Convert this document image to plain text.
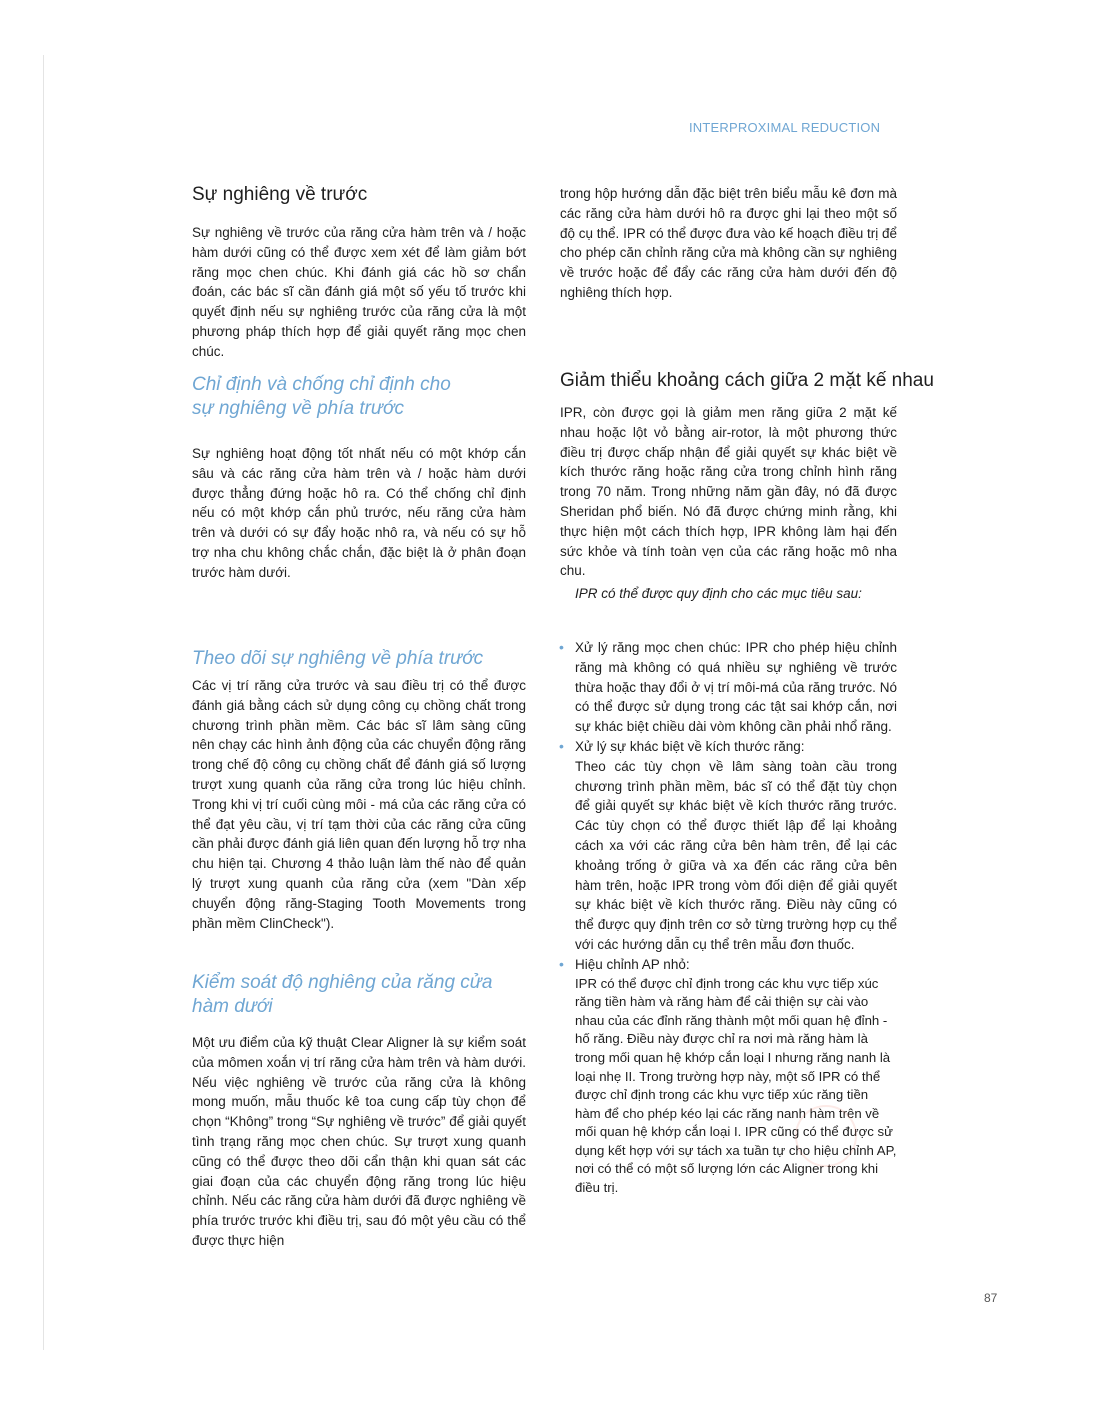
INTERPROXIMAL REDUCTION
Sự nghiêng về trước

Sự nghiêng về trước của răng cửa hàm trên và / hoặc hàm dưới cũng có thể được xem xét để làm giảm bớt răng mọc chen chúc. Khi đánh giá các hồ sơ chẩn đoán, các bác sĩ cần đánh giá một số yếu tố trước khi quyết định nếu sự nghiêng trước của răng cửa là một phương pháp thích hợp để giải quyết răng mọc chen chúc.

Chỉ định và chống chỉ định cho
sự nghiêng về phía trước

Sự nghiêng hoạt động tốt nhất nếu có một khớp cắn sâu và các răng cửa hàm trên và / hoặc hàm dưới được thẳng đứng hoặc hô ra. Có thể chống chỉ định nếu có một khớp cắn phủ trước, nếu răng cửa hàm trên và dưới có sự đẩy hoặc nhô ra, và nếu có sự hỗ trợ nha chu không chắc chắn, đặc biệt là ở phân đoạn trước hàm dưới.

Theo dõi sự nghiêng về phía trước

Các vị trí răng cửa trước và sau điều trị có thể được đánh giá bằng cách sử dụng công cụ chồng chất trong chương trình phần mềm. Các bác sĩ lâm sàng cũng nên chạy các hình ảnh động của các chuyển động răng trong chế độ công cụ chồng chất để đánh giá số lượng trượt xung quanh của răng cửa trong lúc hiệu chỉnh. Trong khi vị trí cuối cùng môi - má của các răng cửa có thể đạt yêu cầu, vị trí tạm thời của các răng cửa cũng cần phải được đánh giá liên quan đến lượng hỗ trợ nha chu hiện tại. Chương 4 thảo luận làm thế nào để quản lý trượt xung quanh của răng cửa (xem "Dàn xếp chuyển động răng-Staging Tooth Movements trong phần mềm ClinCheck").

Kiểm soát độ nghiêng của răng cửa
hàm dưới

Một ưu điểm của kỹ thuật Clear Aligner là sự kiểm soát của mômen xoắn vị trí răng cửa hàm trên và hàm dưới. Nếu việc nghiêng về trước của răng cửa là không mong muốn, mẫu thuốc kê toa cung cấp tùy chọn để chọn “Không” trong “Sự nghiêng về trước” để giải quyết tình trạng răng mọc chen chúc. Sự trượt xung quanh cũng có thể được theo dõi cẩn thận khi quan sát các giai đoạn của các chuyển động răng trong lúc hiệu chỉnh. Nếu các răng cửa hàm dưới đã được nghiêng về phía trước trước khi điều trị, sau đó một yêu cầu có thể được thực hiện

trong hộp hướng dẫn đặc biệt trên biểu mẫu kê đơn mà các răng cửa hàm dưới hô ra được ghi lại theo một số độ cụ thể. IPR có thể được đưa vào kế hoạch điều trị để cho phép căn chỉnh răng cửa mà không cần sự nghiêng về trước hoặc để đẩy các răng cửa hàm dưới đến độ nghiêng thích hợp.

Giảm thiểu khoảng cách giữa 2 mặt kế nhau

IPR, còn được gọi là giảm men răng giữa 2 mặt kế nhau hoặc lột vỏ bằng air-rotor, là một phương thức điều trị được chấp nhận để giải quyết sự khác biệt về kích thước răng hoặc răng cửa trong chỉnh hình răng trong 70 năm. Trong những năm gần đây, nó đã được Sheridan phổ biến. Nó đã được chứng minh rằng, khi thực hiện một cách thích hợp, IPR không làm hại đến sức khỏe và tính toàn vẹn của các răng hoặc mô nha chu.

IPR có thể được quy định cho các mục tiêu sau:

• Xử lý răng mọc chen chúc: IPR cho phép hiệu chỉnh răng mà không có quá nhiều sự nghiêng về trước thừa hoặc thay đổi ở vị trí môi-má của răng trước. Nó có thể được sử dụng trong các tật sai khớp cắn, nơi sự khác biệt chiều dài vòm không cần phải nhổ răng.
• Xử lý sự khác biệt về kích thước răng:
Theo các tùy chọn về lâm sàng toàn cầu trong chương trình phần mềm, bác sĩ có thể đặt tùy chọn để giải quyết sự khác biệt về kích thước răng trước. Các tùy chọn có thể được thiết lập để lại khoảng cách xa với các răng cửa bên hàm trên, để lại các khoảng trống ở giữa và xa đến các răng cửa bên hàm trên, hoặc IPR trong vòm đối diện để giải quyết sự khác biệt về kích thước răng. Điều này cũng có thể được quy định trên cơ sở từng trường hợp cụ thể với các hướng dẫn cụ thể trên mẫu đơn thuốc.
• Hiệu chỉnh AP nhỏ:
IPR có thể được chỉ định trong các khu vực tiếp xúc răng tiền hàm và răng hàm để cải thiện sự cài vào nhau của các đỉnh răng thành một mối quan hệ đỉnh - hố răng. Điều này được chỉ ra nơi mà răng hàm là trong mối quan hệ khớp cắn loại I nhưng răng nanh là loại nhẹ II. Trong trường hợp này, một số IPR có thể được chỉ định trong các khu vực tiếp xúc răng tiền hàm để cho phép kéo lại các răng nanh hàm trên về mối quan hệ khớp cắn loại I. IPR cũng có thể được sử dụng kết hợp với sự tách xa tuần tự cho hiệu chỉnh AP, nơi có thể có một số lượng lớn các Aligner trong khi điều trị.
87
